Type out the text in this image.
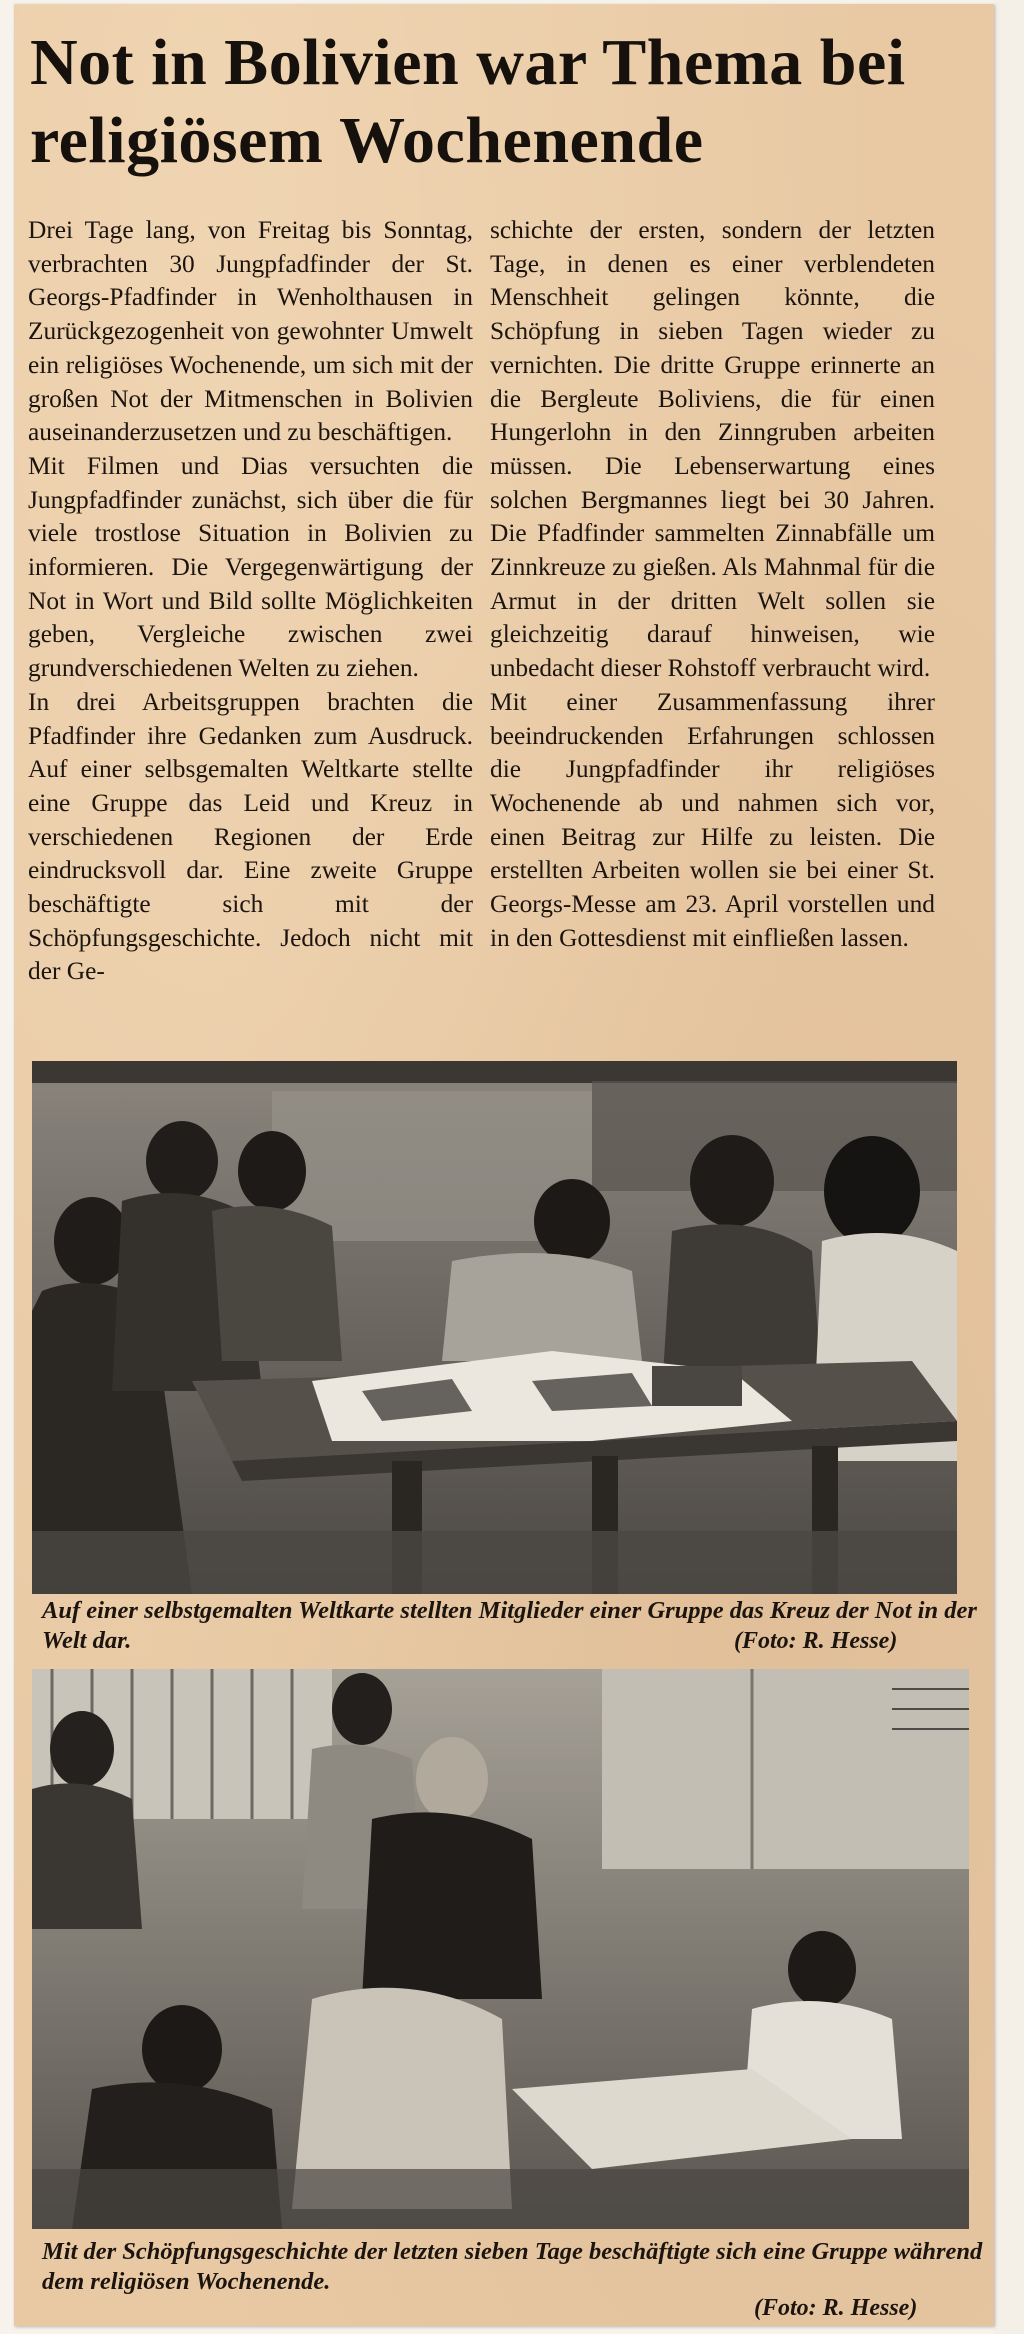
Not in Bolivien war Thema bei religiösem Wochenende

Drei Tage lang, von Freitag bis Sonntag, verbrachten 30 Jungpfadfinder der St. Georgs-Pfadfinder in Wenholthausen in Zurückgezogenheit von gewohnter Umwelt ein religiöses Wochenende, um sich mit der großen Not der Mitmenschen in Bolivien auseinanderzusetzen und zu beschäftigen.

Mit Filmen und Dias versuchten die Jungpfadfinder zunächst, sich über die für viele trostlose Situation in Bolivien zu informieren. Die Vergegenwärtigung der Not in Wort und Bild sollte Möglichkeiten geben, Vergleiche zwischen zwei grundverschiedenen Welten zu ziehen.

In drei Arbeitsgruppen brachten die Pfadfinder ihre Gedanken zum Ausdruck. Auf einer selbsgemalten Weltkarte stellte eine Gruppe das Leid und Kreuz in verschiedenen Regionen der Erde eindrucksvoll dar. Eine zweite Gruppe beschäftigte sich mit der Schöpfungsgeschichte. Jedoch nicht mit der Ge-

schichte der ersten, sondern der letzten Tage, in denen es einer verblendeten Menschheit gelingen könnte, die Schöpfung in sieben Tagen wieder zu vernichten. Die dritte Gruppe erinnerte an die Bergleute Boliviens, die für einen Hungerlohn in den Zinngruben arbeiten müssen. Die Lebenserwartung eines solchen Bergmannes liegt bei 30 Jahren. Die Pfadfinder sammelten Zinnabfälle um Zinnkreuze zu gießen. Als Mahnmal für die Armut in der dritten Welt sollen sie gleichzeitig darauf hinweisen, wie unbedacht dieser Rohstoff verbraucht wird.

Mit einer Zusammenfassung ihrer beeindruckenden Erfahrungen schlossen die Jungpfadfinder ihr religiöses Wochenende ab und nahmen sich vor, einen Beitrag zur Hilfe zu leisten. Die erstellten Arbeiten wollen sie bei einer St. Georgs-Messe am 23. April vorstellen und in den Gottesdienst mit einfließen lassen.

Auf einer selbstgemalten Weltkarte stellten Mitglieder einer Gruppe das Kreuz der Not in der Welt dar.	(Foto: R. Hesse)

Mit der Schöpfungsgeschichte der letzten sieben Tage beschäftigte sich eine Gruppe während dem religiösen Wochenende.

(Foto: R. Hesse)
